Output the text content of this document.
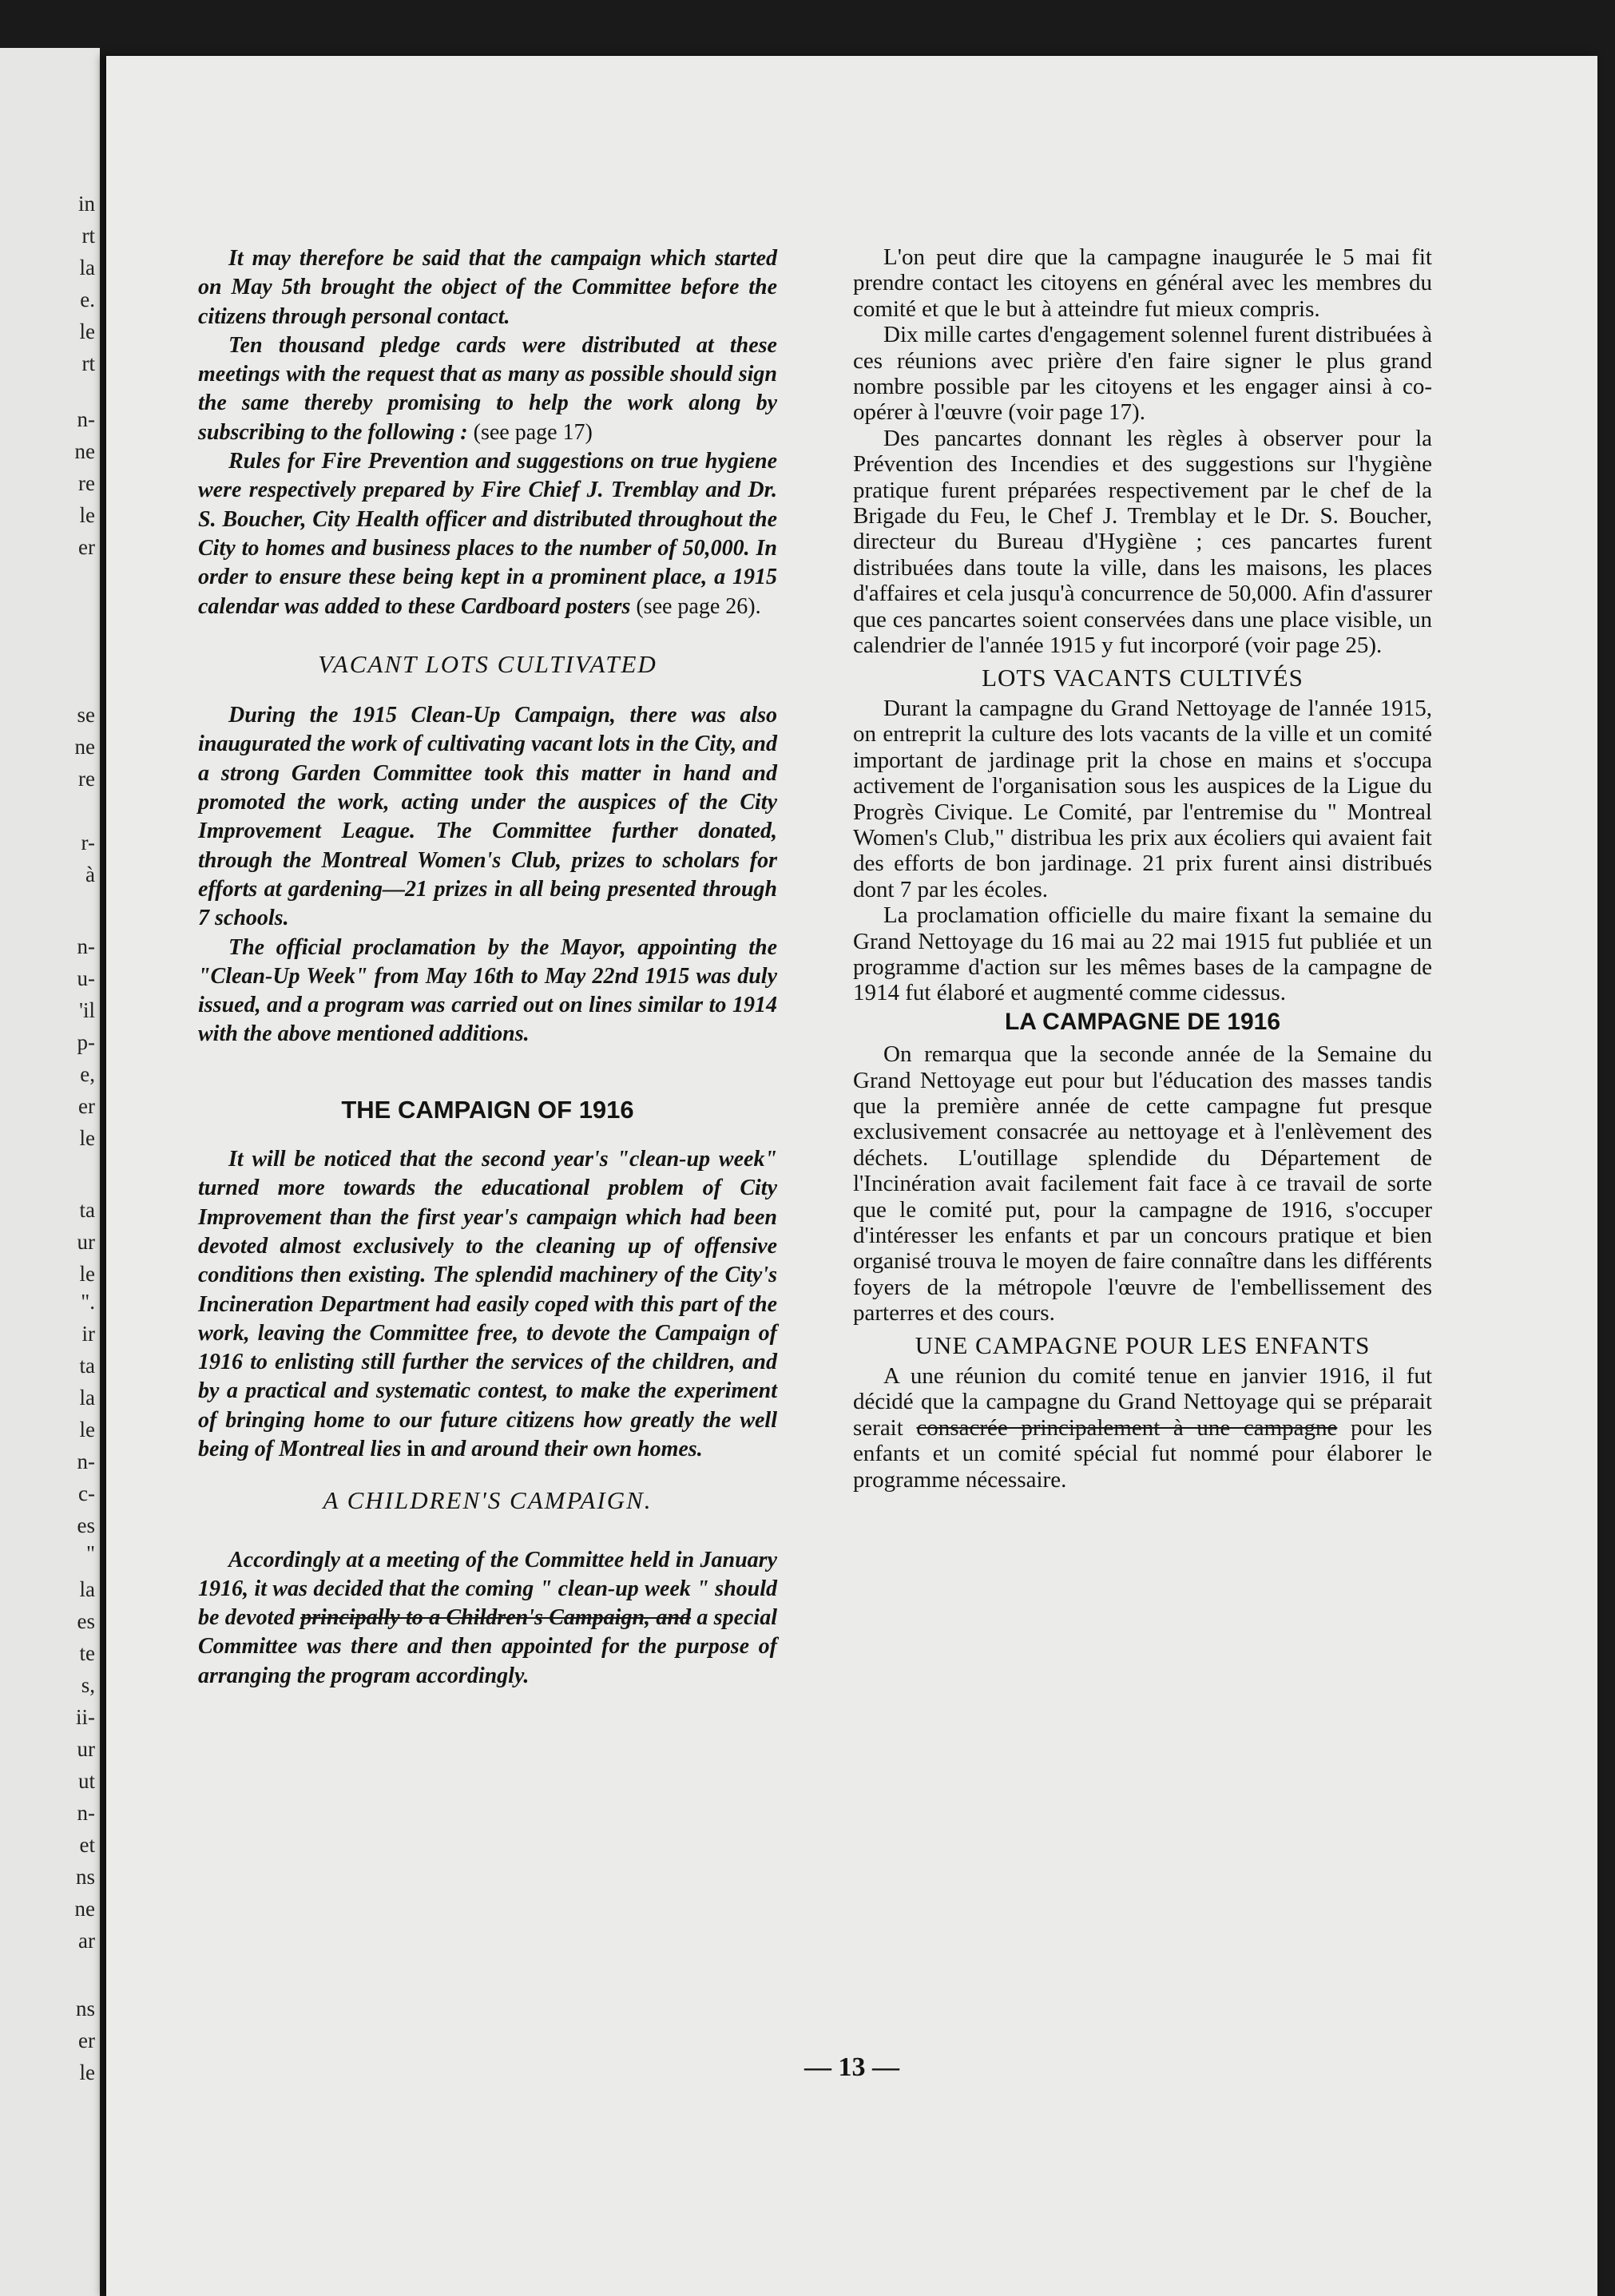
in
rt
la
e.
le
rt
n-
ne
re
le
er
se
ne
re
r-
à
n-
u-
'il
p-
e,
er
le
ta
ur
le
".
ir
ta
la
le
n-
c-
es
"
la
es
te
s,
ii-
ur
ut
n-
et
ns
ne
ar
ns
er
le

It may therefore be said that the campaign which started on May 5th brought the object of the Committee before the citizens through personal contact.

Ten thousand pledge cards were distributed at these meetings with the request that as many as possible should sign the same thereby promising to help the work along by subscribing to the following : (see page 17)

Rules for Fire Prevention and suggestions on true hygiene were respectively prepared by Fire Chief J. Tremblay and Dr. S. Boucher, City Health officer and distributed throughout the City to homes and business places to the number of 50,000. In order to ensure these being kept in a prominent place, a 1915 calendar was added to these Cardboard posters (see page 26).

VACANT LOTS CULTIVATED

During the 1915 Clean-Up Campaign, there was also inaugurated the work of cultivating vacant lots in the City, and a strong Garden Committee took this matter in hand and promoted the work, acting under the auspices of the City Improvement League. The Committee further donated, through the Montreal Women's Club, prizes to scholars for efforts at gardening—21 prizes in all being presented through 7 schools.

The official proclamation by the Mayor, appointing the "Clean-Up Week" from May 16th to May 22nd 1915 was duly issued, and a program was carried out on lines similar to 1914 with the above mentioned additions.

THE CAMPAIGN OF 1916

It will be noticed that the second year's "clean-up week" turned more towards the educational problem of City Improvement than the first year's campaign which had been devoted almost exclusively to the cleaning up of offensive conditions then existing. The splendid machinery of the City's Incineration Department had easily coped with this part of the work, leaving the Committee free, to devote the Campaign of 1916 to enlisting still further the services of the children, and by a practical and systematic contest, to make the experiment of bringing home to our future citizens how greatly the well being of Montreal lies in and around their own homes.

A CHILDREN'S CAMPAIGN.

Accordingly at a meeting of the Committee held in January 1916, it was decided that the coming " clean-up week " should be devoted principally to a Children's Campaign, and a special Committee was there and then appointed for the purpose of arranging the program accordingly.

L'on peut dire que la campagne inaugurée le 5 mai fit prendre contact les citoyens en général avec les membres du comité et que le but à atteindre fut mieux compris.

Dix mille cartes d'engagement solennel furent distribuées à ces réunions avec prière d'en faire signer le plus grand nombre possible par les citoyens et les engager ainsi à co-opérer à l'œuvre (voir page 17).

Des pancartes donnant les règles à observer pour la Prévention des Incendies et des suggestions sur l'hygiène pratique furent préparées respectivement par le chef de la Brigade du Feu, le Chef J. Tremblay et le Dr. S. Boucher, directeur du Bureau d'Hygiène ; ces pancartes furent distribuées dans toute la ville, dans les maisons, les places d'affaires et cela jusqu'à concurrence de 50,000. Afin d'assurer que ces pancartes soient conservées dans une place visible, un calendrier de l'année 1915 y fut incorporé (voir page 25).

LOTS VACANTS CULTIVÉS

Durant la campagne du Grand Nettoyage de l'année 1915, on entreprit la culture des lots vacants de la ville et un comité important de jardinage prit la chose en mains et s'occupa activement de l'organisation sous les auspices de la Ligue du Progrès Civique. Le Comité, par l'entremise du " Montreal Women's Club," distribua les prix aux écoliers qui avaient fait des efforts de bon jardinage. 21 prix furent ainsi distribués dont 7 par les écoles.

La proclamation officielle du maire fixant la semaine du Grand Nettoyage du 16 mai au 22 mai 1915 fut publiée et un programme d'action sur les mêmes bases de la campagne de 1914 fut élaboré et augmenté comme cidessus.

LA CAMPAGNE DE 1916

On remarqua que la seconde année de la Semaine du Grand Nettoyage eut pour but l'éducation des masses tandis que la première année de cette campagne fut presque exclusivement consacrée au nettoyage et à l'enlèvement des déchets. L'outillage splendide du Département de l'Incinération avait facilement fait face à ce travail de sorte que le comité put, pour la campagne de 1916, s'occuper d'intéresser les enfants et par un concours pratique et bien organisé trouva le moyen de faire connaître dans les différents foyers de la métropole l'œuvre de l'embellissement des parterres et des cours.

UNE CAMPAGNE POUR LES ENFANTS

A une réunion du comité tenue en janvier 1916, il fut décidé que la campagne du Grand Nettoyage qui se préparait serait consacrée principalement à une campagne pour les enfants et un comité spécial fut nommé pour élaborer le programme nécessaire.

— 13 —
